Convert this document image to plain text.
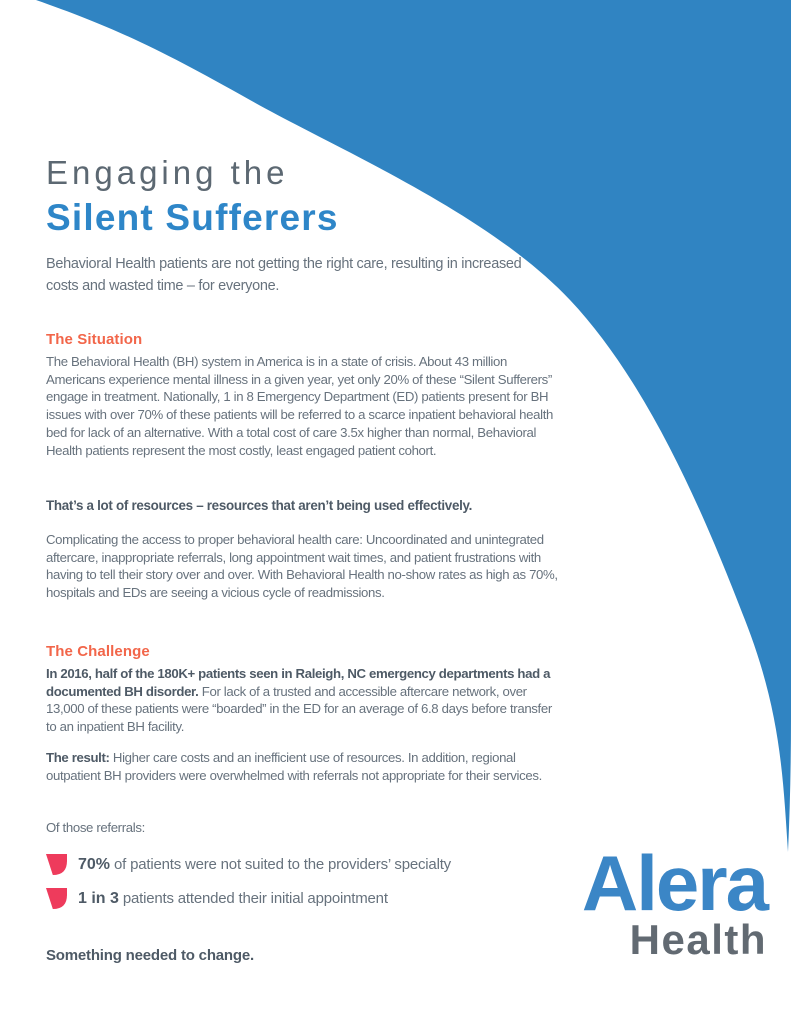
Engaging the
Silent Sufferers

Behavioral Health patients are not getting the right care, resulting in increased costs and wasted time – for everyone.

The Situation

The Behavioral Health (BH) system in America is in a state of crisis. About 43 million Americans experience mental illness in a given year, yet only 20% of these “Silent Sufferers” engage in treatment. Nationally, 1 in 8 Emergency Department (ED) patients present for BH issues with over 70% of these patients will be referred to a scarce inpatient behavioral health bed for lack of an alternative. With a total cost of care 3.5x higher than normal, Behavioral Health patients represent the most costly, least engaged patient cohort.

That’s a lot of resources – resources that aren’t being used effectively.

Complicating the access to proper behavioral health care: Uncoordinated and unintegrated aftercare, inappropriate referrals, long appointment wait times, and patient frustrations with having to tell their story over and over. With Behavioral Health no-show rates as high as 70%, hospitals and EDs are seeing a vicious cycle of readmissions.

The Challenge

In 2016, half of the 180K+ patients seen in Raleigh, NC emergency departments had a documented BH disorder. For lack of a trusted and accessible aftercare network, over 13,000 of these patients were “boarded” in the ED for an average of 6.8 days before transfer to an inpatient BH facility.

The result: Higher care costs and an inefficient use of resources. In addition, regional outpatient BH providers were overwhelmed with referrals not appropriate for their services.

Of those referrals:

70% of patients were not suited to the providers’ specialty
1 in 3 patients attended their initial appointment

Something needed to change.

Alera
Health
